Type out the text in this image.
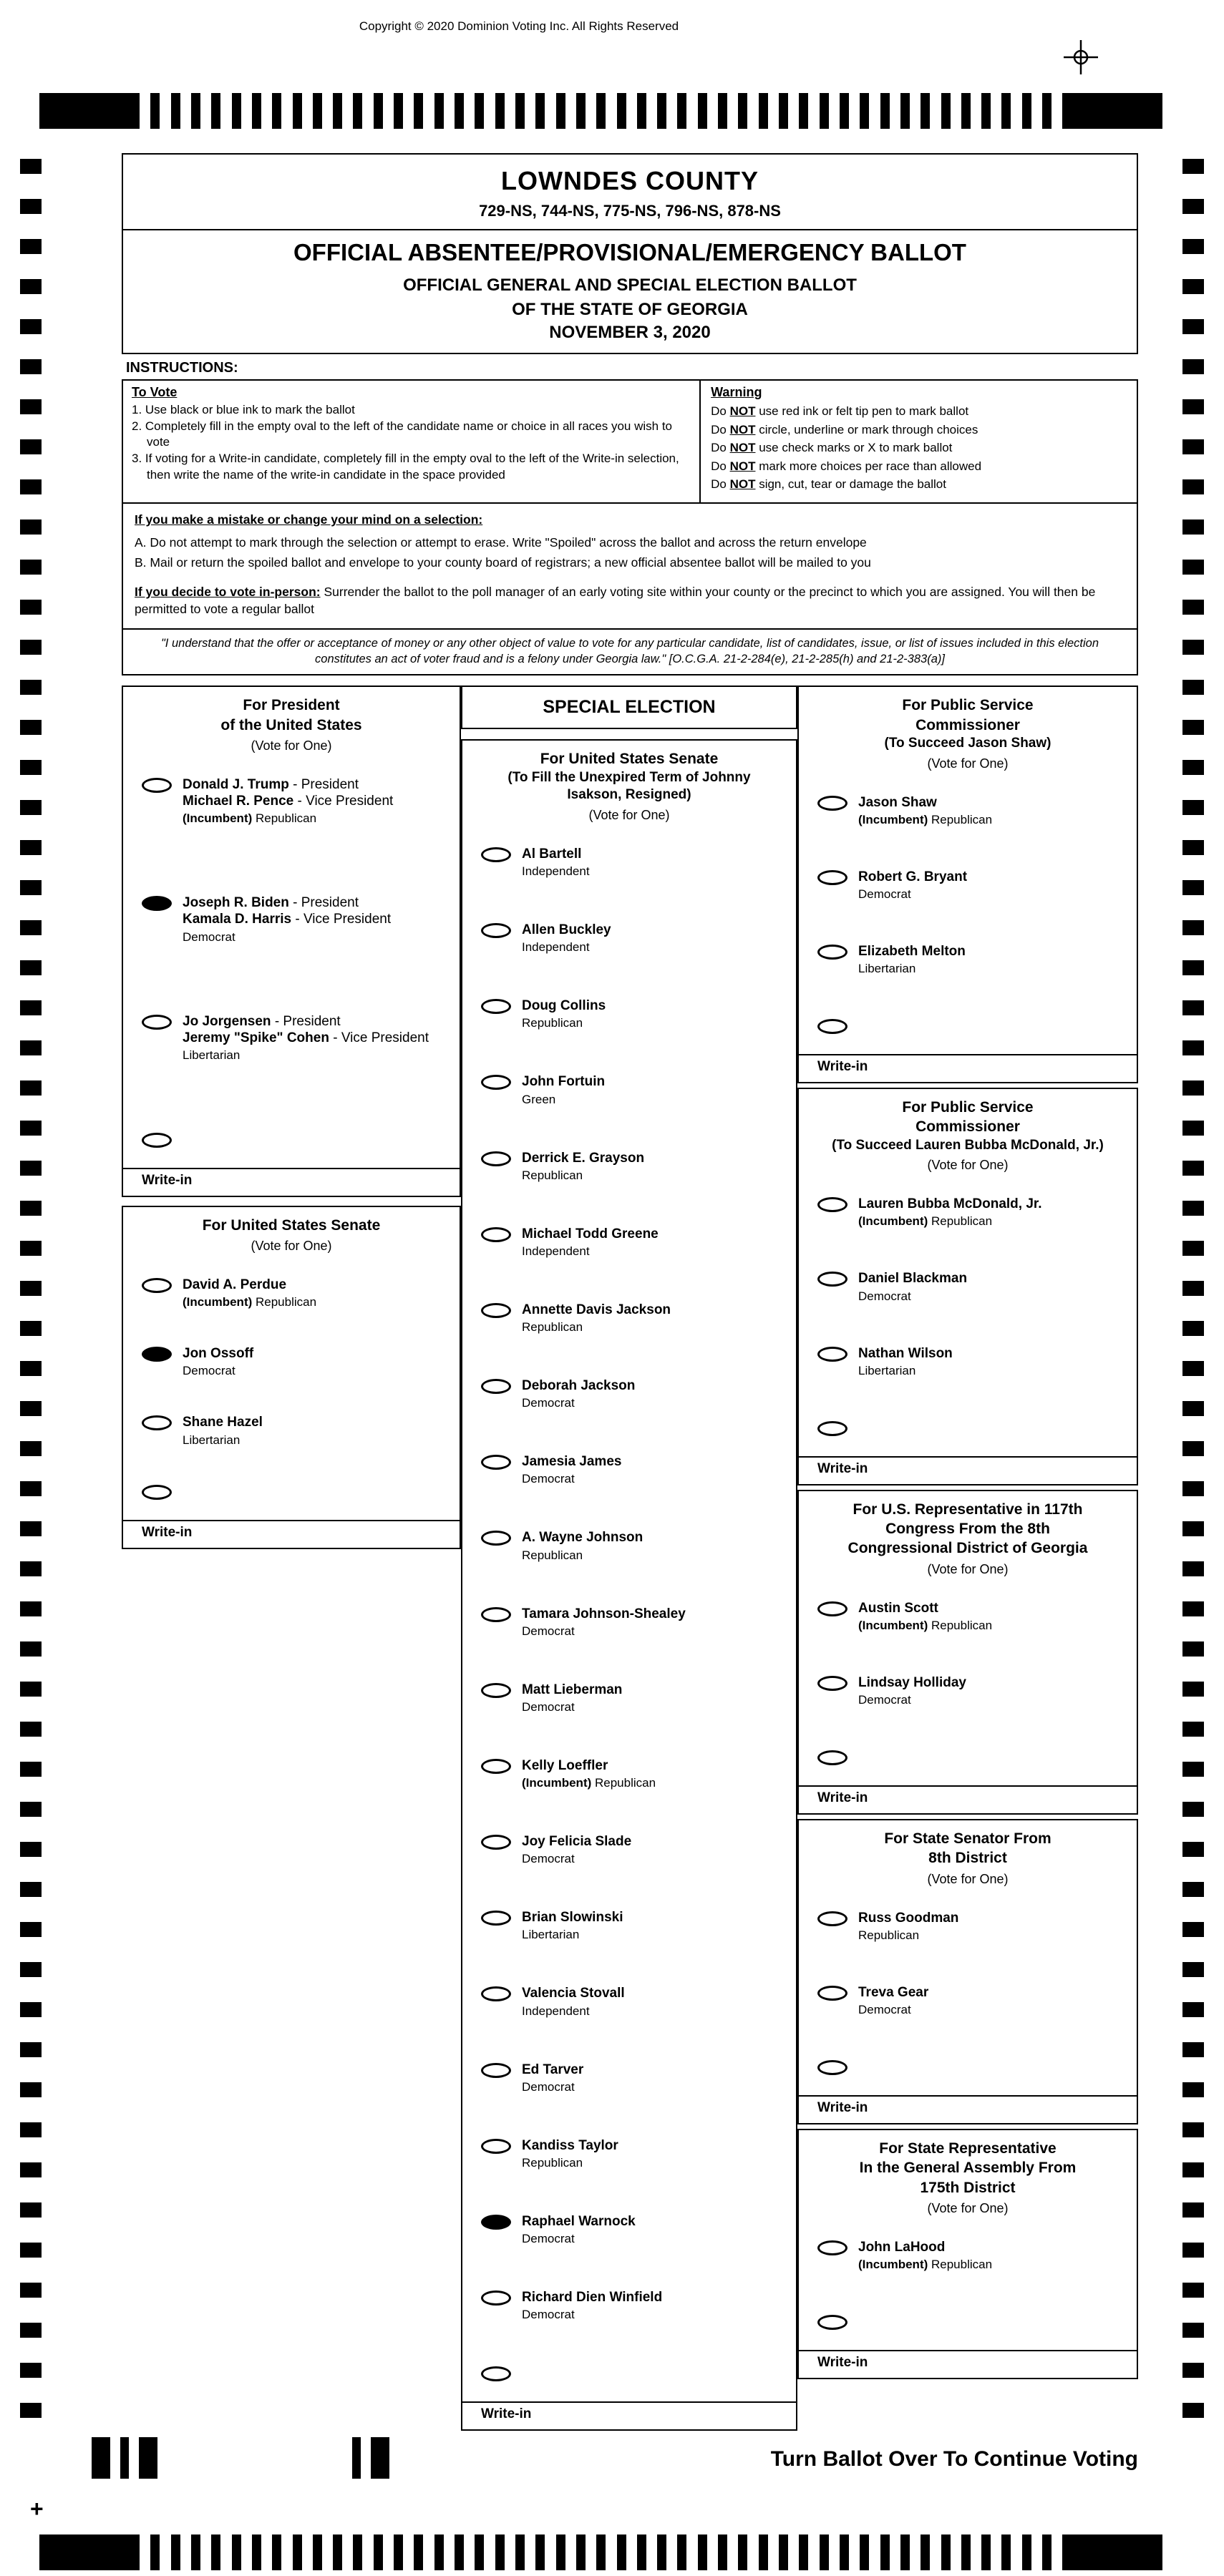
Copyright © 2020 Dominion Voting Inc. All Rights Reserved
LOWNDES COUNTY
729-NS, 744-NS, 775-NS, 796-NS, 878-NS
OFFICIAL ABSENTEE/PROVISIONAL/EMERGENCY BALLOT
OFFICIAL GENERAL AND SPECIAL ELECTION BALLOT
OF THE STATE OF GEORGIA
NOVEMBER 3, 2020
INSTRUCTIONS:
To Vote
1. Use black or blue ink to mark the ballot
2. Completely fill in the empty oval to the left of the candidate name or choice in all races you wish to vote
3. If voting for a Write-in candidate, completely fill in the empty oval to the left of the Write-in selection, then write the name of the write-in candidate in the space provided
Warning
Do NOT use red ink or felt tip pen to mark ballot
Do NOT circle, underline or mark through choices
Do NOT use check marks or X to mark ballot
Do NOT mark more choices per race than allowed
Do NOT sign, cut, tear or damage the ballot
If you make a mistake or change your mind on a selection:
A. Do not attempt to mark through the selection or attempt to erase. Write "Spoiled" across the ballot and across the return envelope
B. Mail or return the spoiled ballot and envelope to your county board of registrars; a new official absentee ballot will be mailed to you
If you decide to vote in-person: Surrender the ballot to the poll manager of an early voting site within your county or the precinct to which you are assigned. You will then be permitted to vote a regular ballot
"I understand that the offer or acceptance of money or any other object of value to vote for any particular candidate, list of candidates, issue, or list of issues included in this election constitutes an act of voter fraud and is a felony under Georgia law." [O.C.G.A. 21-2-284(e), 21-2-285(h) and 21-2-383(a)]
For President
of the United States
(Vote for One)
Donald J. Trump - President
Michael R. Pence - Vice President
(Incumbent) Republican
Joseph R. Biden - President
Kamala D. Harris - Vice President
Democrat
Jo Jorgensen - President
Jeremy "Spike" Cohen - Vice President
Libertarian
Write-in
For United States Senate
(Vote for One)
David A. Perdue
(Incumbent) Republican
Jon Ossoff
Democrat
Shane Hazel
Libertarian
Write-in
SPECIAL ELECTION
For United States Senate
(To Fill the Unexpired Term of Johnny
Isakson, Resigned)
(Vote for One)
Al Bartell
Independent
Allen Buckley
Independent
Doug Collins
Republican
John Fortuin
Green
Derrick E. Grayson
Republican
Michael Todd Greene
Independent
Annette Davis Jackson
Republican
Deborah Jackson
Democrat
Jamesia James
Democrat
A. Wayne Johnson
Republican
Tamara Johnson-Shealey
Democrat
Matt Lieberman
Democrat
Kelly Loeffler
(Incumbent) Republican
Joy Felicia Slade
Democrat
Brian Slowinski
Libertarian
Valencia Stovall
Independent
Ed Tarver
Democrat
Kandiss Taylor
Republican
Raphael Warnock
Democrat
Richard Dien Winfield
Democrat
Write-in
For Public Service
Commissioner
(To Succeed Jason Shaw)
(Vote for One)
Jason Shaw
(Incumbent) Republican
Robert G. Bryant
Democrat
Elizabeth Melton
Libertarian
Write-in
For Public Service
Commissioner
(To Succeed Lauren Bubba McDonald, Jr.)
(Vote for One)
Lauren Bubba McDonald, Jr.
(Incumbent) Republican
Daniel Blackman
Democrat
Nathan Wilson
Libertarian
Write-in
For U.S. Representative in 117th
Congress From the 8th
Congressional District of Georgia
(Vote for One)
Austin Scott
(Incumbent) Republican
Lindsay Holliday
Democrat
Write-in
For State Senator From
8th District
(Vote for One)
Russ Goodman
Republican
Treva Gear
Democrat
Write-in
For State Representative
In the General Assembly From
175th District
(Vote for One)
John LaHood
(Incumbent) Republican
Write-in
Turn Ballot Over To Continue Voting
+
